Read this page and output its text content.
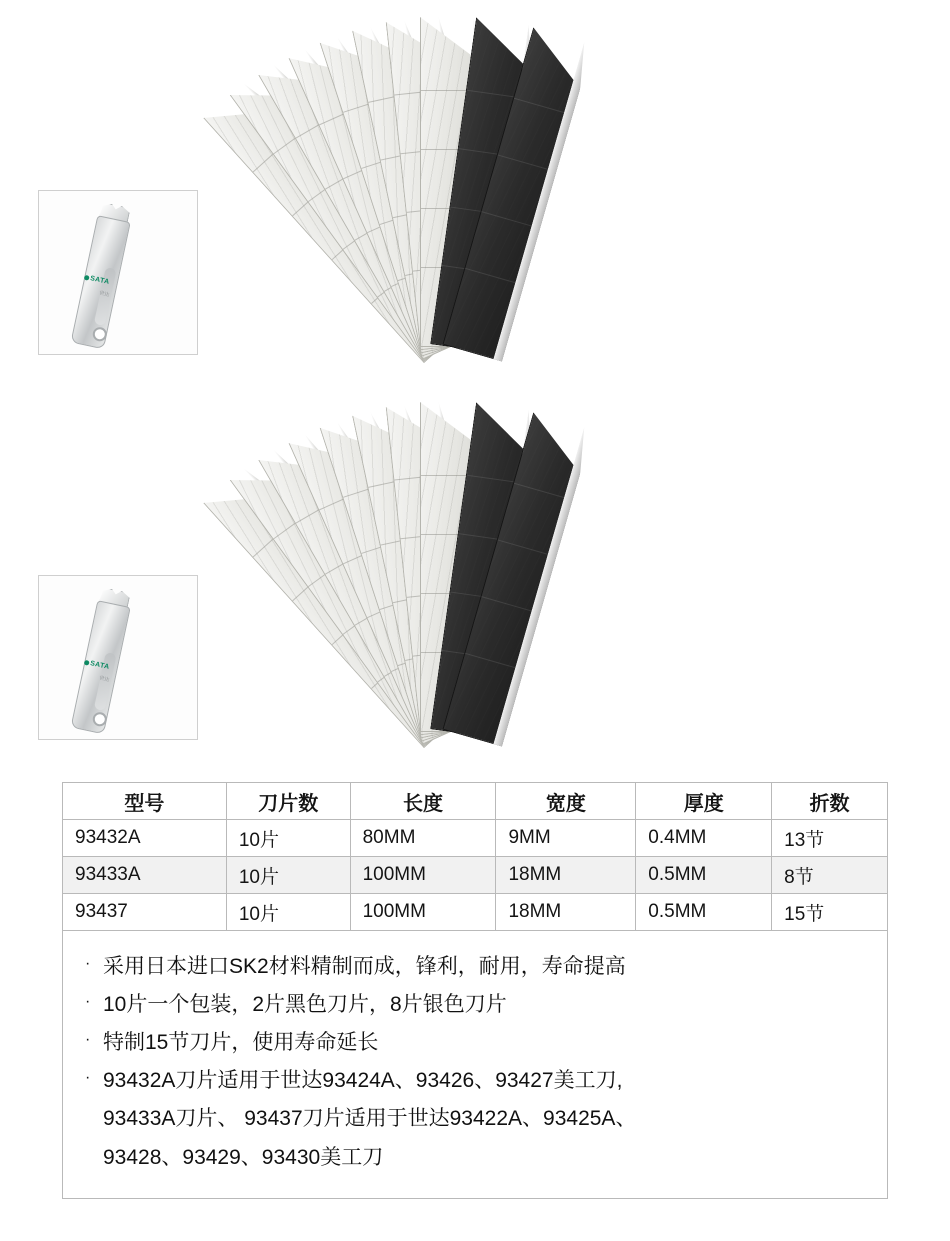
SATA
世达
SATA
世达
型号	刀片数	长度	宽度	厚度	折数
93432A	10片	80MM	9MM	0.4MM	13节
93433A	10片	100MM	18MM	0.5MM	8节
93437	10片	100MM	18MM	0.5MM	15节
· 采用日本进口SK2材料精制而成，锋利，耐用，寿命提高
· 10片一个包装，2片黑色刀片，8片银色刀片
· 特制15节刀片，使用寿命延长
· 93432A刀片适用于世达93424A、93426、93427美工刀,
93433A刀片、 93437刀片适用于世达93422A、93425A、
93428、93429、93430美工刀
